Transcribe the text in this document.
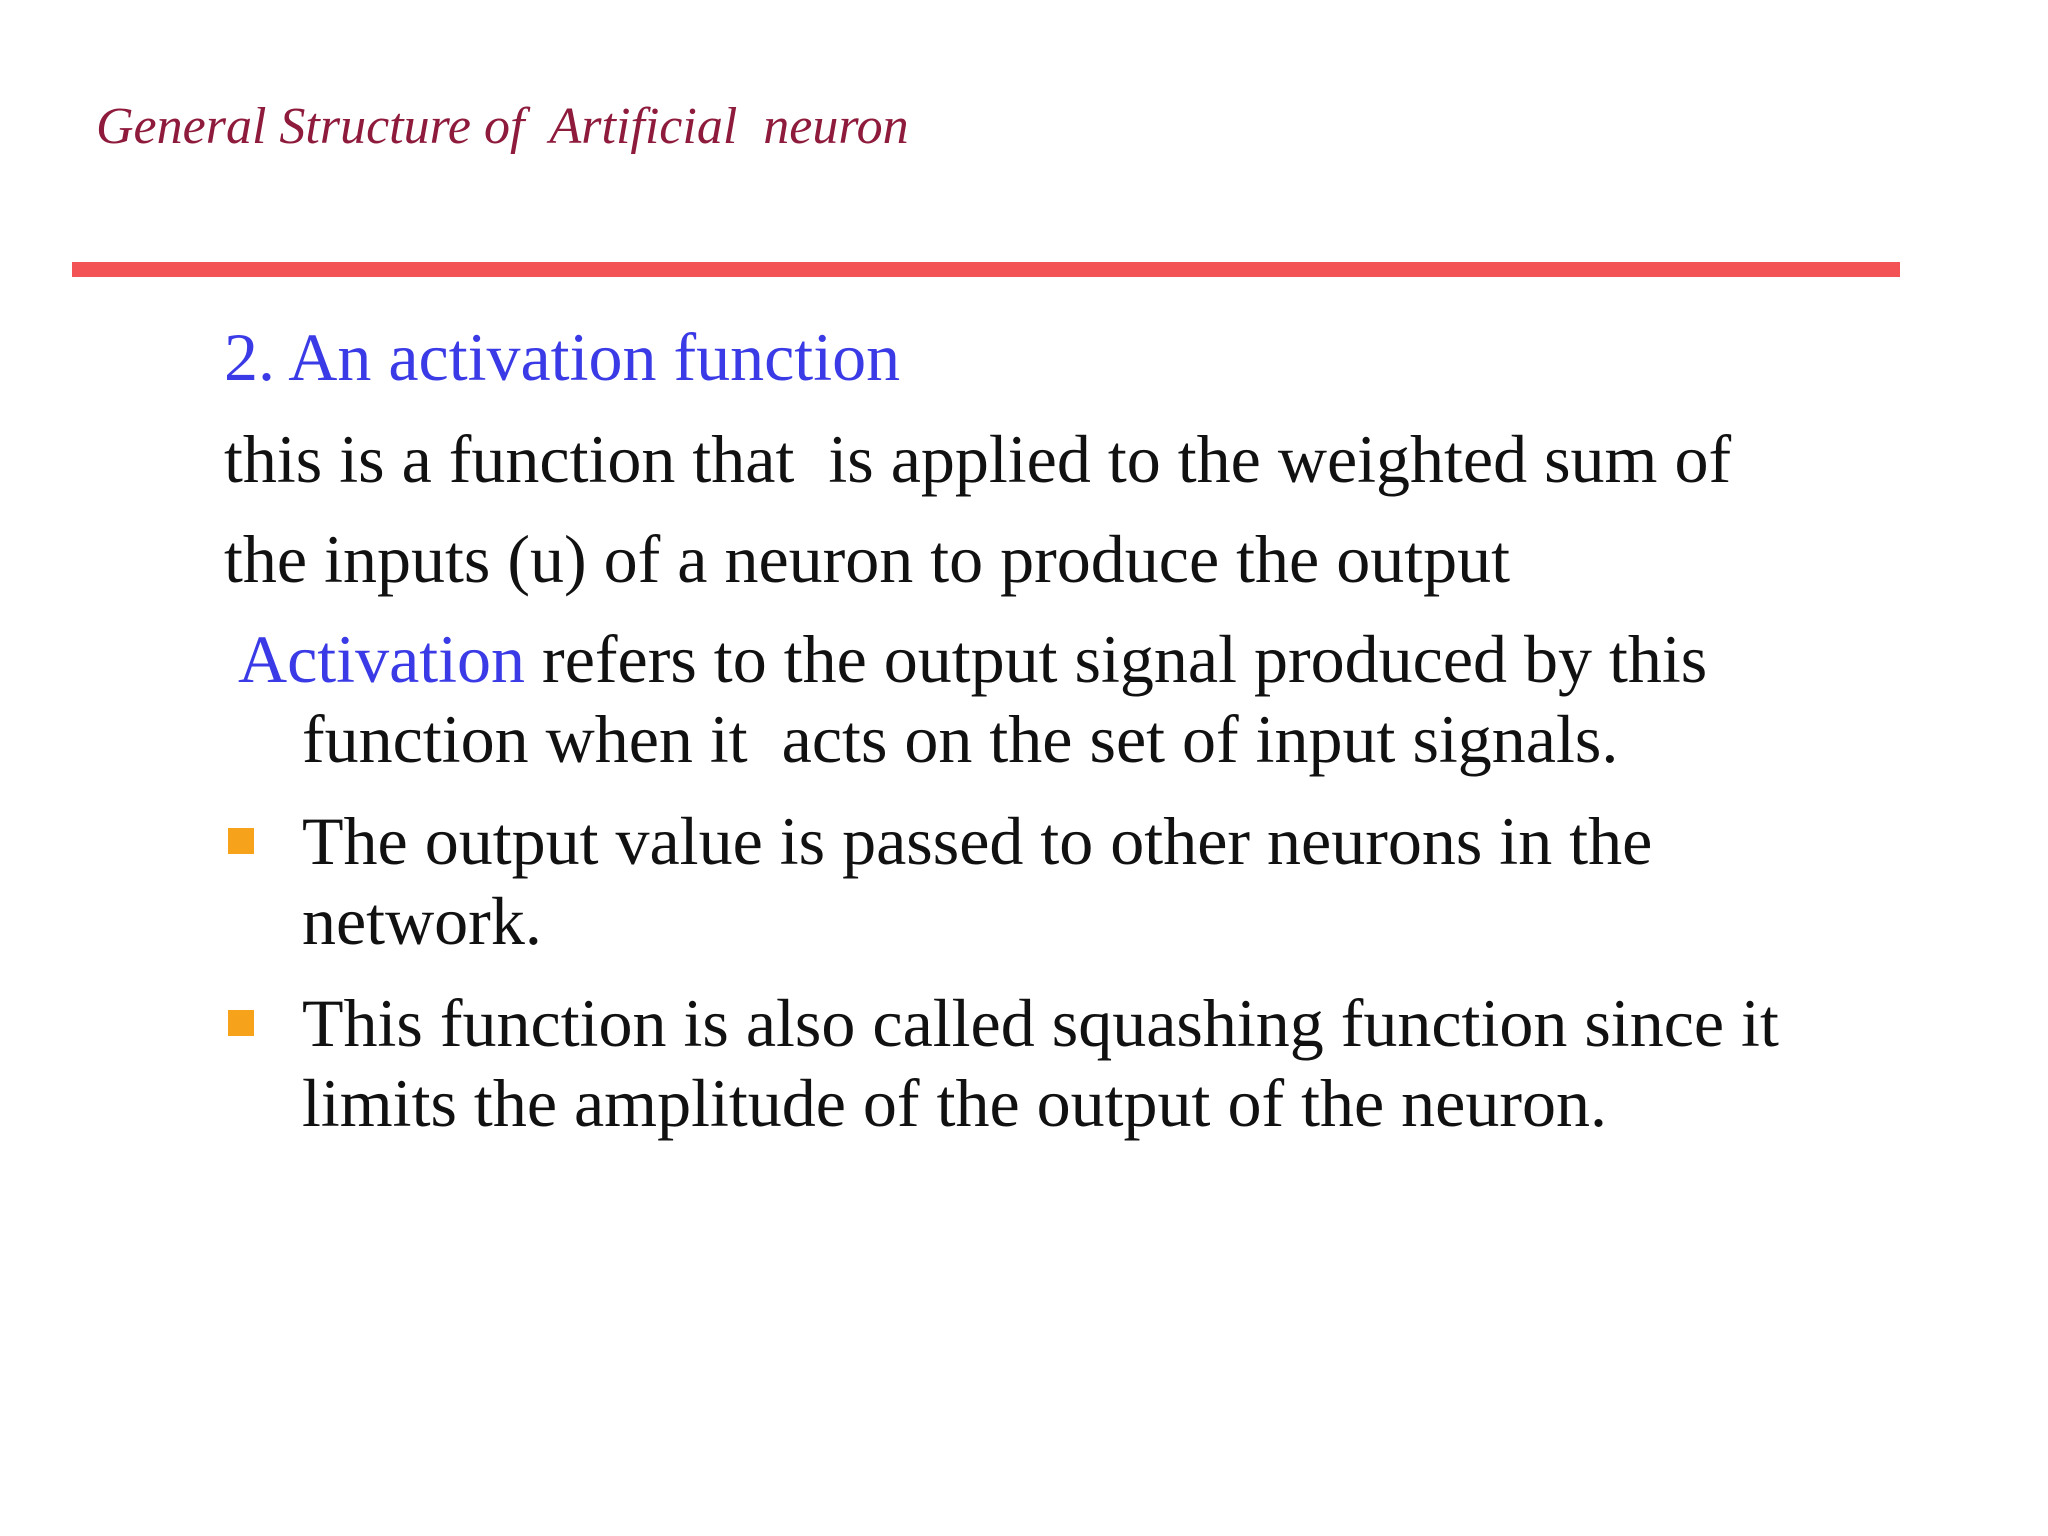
General Structure of  Artificial  neuron
2. An activation function
this is a function that  is applied to the weighted sum of
the inputs (u) of a neuron to produce the output
Activation refers to the output signal produced by this
function when it  acts on the set of input signals.
The output value is passed to other neurons in the
network.
This function is also called squashing function since it
limits the amplitude of the output of the neuron.
